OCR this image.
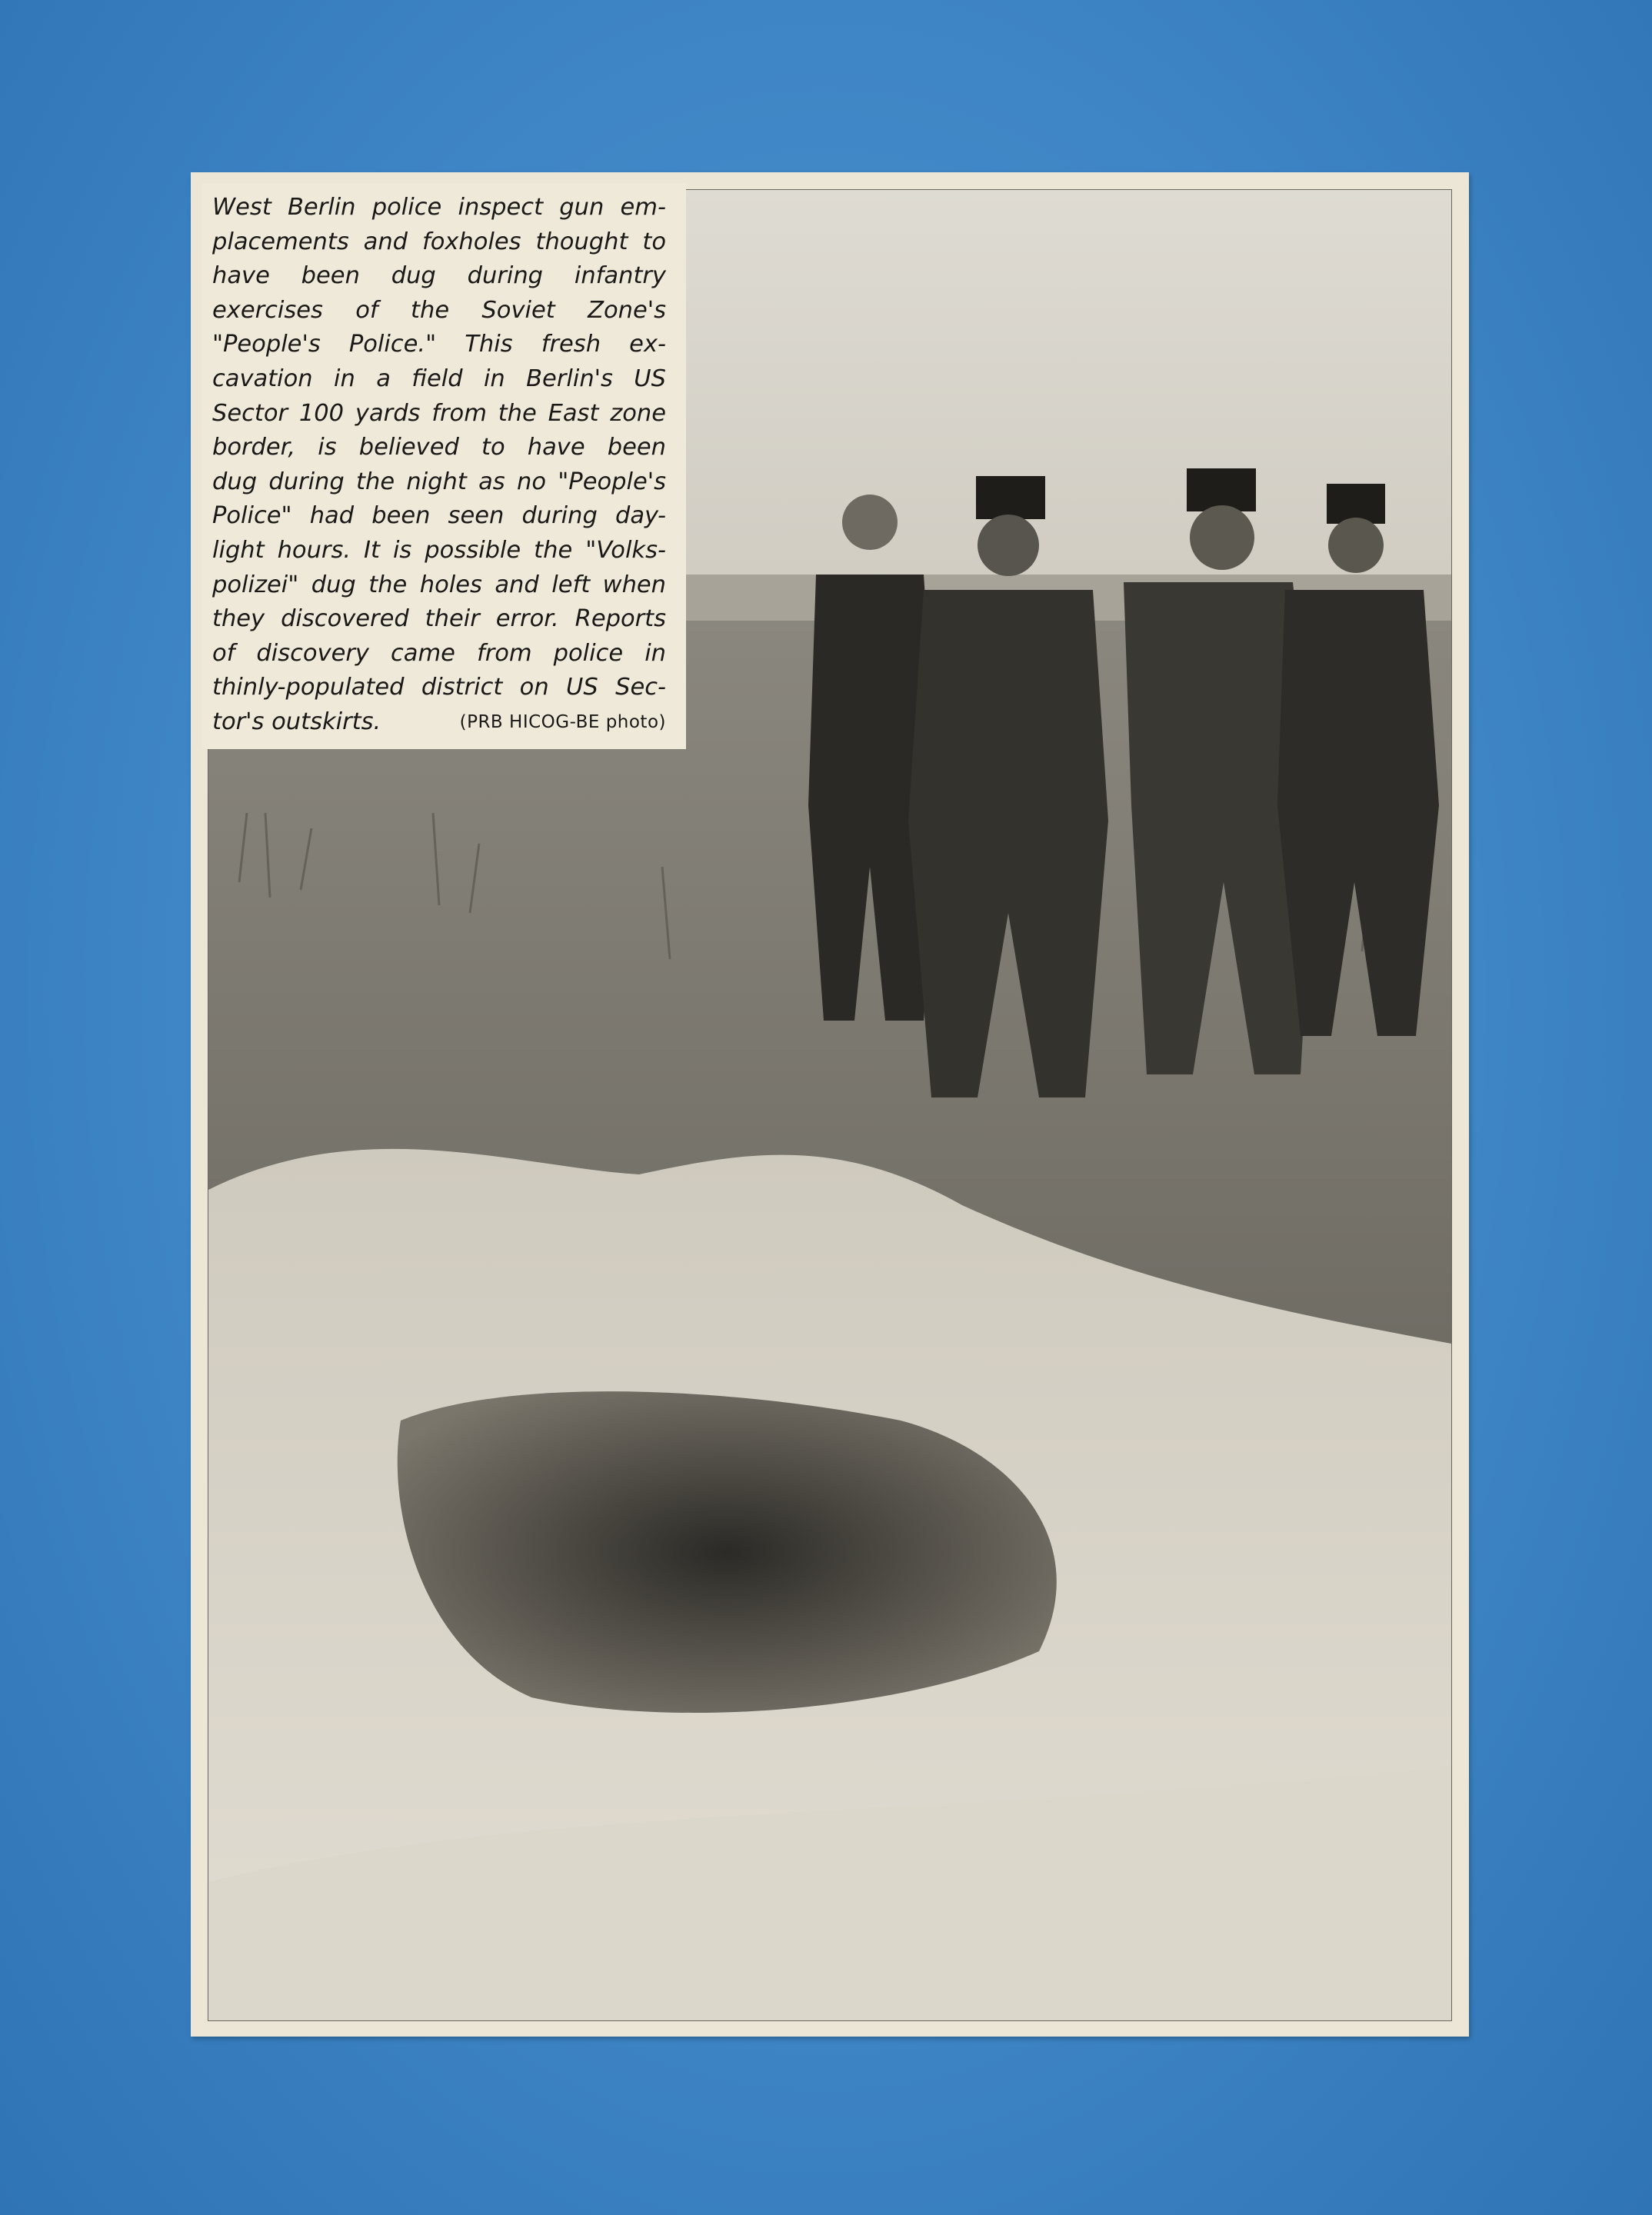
West Berlin police inspect gun em-
placements and foxholes thought to
have been dug during infantry
exercises of the Soviet Zone's
"People's Police." This fresh ex-
cavation in a field in Berlin's US
Sector 100 yards from the East zone
border, is believed to have been
dug during the night as no "People's
Police" had been seen during day-
light hours. It is possible the "Volks-
polizei" dug the holes and left when
they discovered their error. Reports
of discovery came from police in
thinly-populated district on US Sec-
tor's outskirts.	(PRB HICOG-BE photo)
